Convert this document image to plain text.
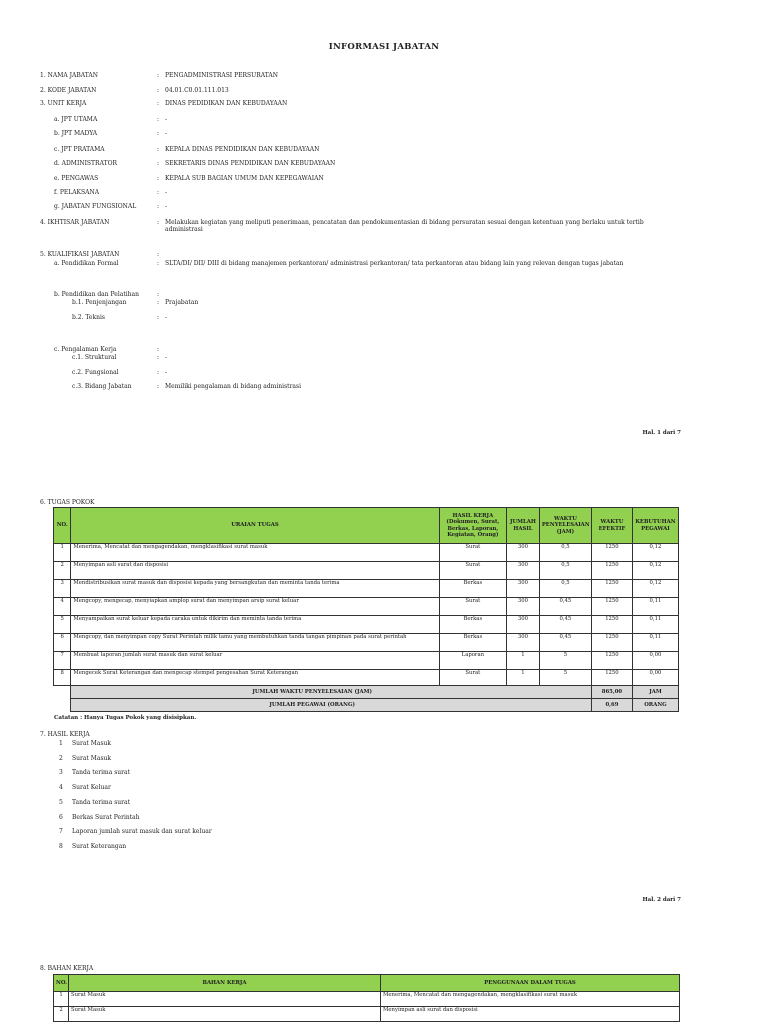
INFORMASI JABATAN
1. NAMA JABATAN	: PENGADMINISTRASI PERSURATAN
2. KODE JABATAN	: 04.01.C0.01.111.013
3. UNIT KERJA	: DINAS PEDIDIKAN DAN KEBUDAYAAN
a. JPT UTAMA	: -
b. JPT MADYA	: -
c. JPT PRATAMA	: KEPALA DINAS PENDIDIKAN DAN KEBUDAYAAN
d. ADMINISTRATOR	: SEKRETARIS DINAS PENDIDIKAN DAN KEBUDAYAAN
e. PENGAWAS	: KEPALA SUB BAGIAN UMUM DAN KEPEGAWAIAN
f. PELAKSANA	: -
g. JABATAN FUNGSIONAL	: -
4. IKHTISAR JABATAN	: Melakukan kegiatan yang meliputi penerimaan, pencatatan dan pendokumentasian di bidang persuratan sesuai dengan ketentuan yang berlaku untuk tertib
administrasi
5. KUALIFIKASI JABATAN	:
a. Pendidikan Formal	: SLTA/DI/ DII/ DIII di bidang manajemen perkantoran/ administrasi perkantoran/ tata perkantoran atau bidang lain yang relevan dengan tugas jabatan
b. Pendidikan dan Pelatihan	:
b.1. Penjenjangan	: Prajabatan
b.2. Teknis	: -
c. Pengalaman Kerja	:
c.1. Struktural	: -
c.2. Fungsional	: -
c.3. Bidang Jabatan	: Memiliki pengalaman di bidang administrasi
Hal. 1 dari 7
6. TUGAS POKOK
NO.	URAIAN TUGAS	HASIL KERJA (Dokumen, Surat, Berkas, Laporan, Kegiatan, Orang)	JUMLAH HASIL	WAKTU PENYELESAIAN (JAM)	WAKTU EFEKTIF	KEBUTUHAN PEGAWAI
1	Menerima, Mencatat dan mengagendakan, mengklasifikasi surat masuk	Surat	300	0,5	1250	0,12
2	Menyimpan asli surat dan disposisi	Surat	300	0,5	1250	0,12
3	Mendistribusikan surat masuk dan disposisi kepada yang bersangkutan dan meminta tanda terima	Berkas	300	0,5	1250	0,12
4	Mengcopy, mengecap, menyiapkan amplop surat dan menyimpan arsip surat keluar	Surat	300	0,45	1250	0,11
5	Menyampaikan surat keluar kepada caraka untuk dikirim dan meminta tanda terima	Berkas	300	0,45	1250	0,11
6	Mengcopy, dan menyimpan copy Surat Perintah milik tamu yang membutuhkan tanda tangan pimpinan pada surat perintah	Berkas	300	0,45	1250	0,11
7	Membuat laporan jumlah surat masuk dan surat keluar	Laporan	1	5	1250	0,00
8	Mengecek Surat Keterangan dan mengecap stempel pengesahan Surat Keterangan	Surat	1	5	1250	0,00
	JUMLAH WAKTU PENYELESAIAN (JAM)				865,00	JAM
	JUMLAH PEGAWAI (ORANG)				0,69	ORANG
Catatan : Hanya Tugas Pokok yang disisipkan.
7. HASIL KERJA
1 Surat Masuk
2 Surat Masuk
3 Tanda terima surat
4 Surat Keluar
5 Tanda terima surat
6 Berkas Surat Perintah
7 Laporan jumlah surat masuk dan surat keluar
8 Surat Keterangan
Hal. 2 dari 7
8. BAHAN KERJA
NO.	BAHAN KERJA	PENGGUNAAN DALAM TUGAS
1	Surat Masuk	Menerima, Mencatat dan mengagendakan, mengklasifikasi surat masuk
2	Surat Masuk	Menyimpan asli surat dan disposisi
